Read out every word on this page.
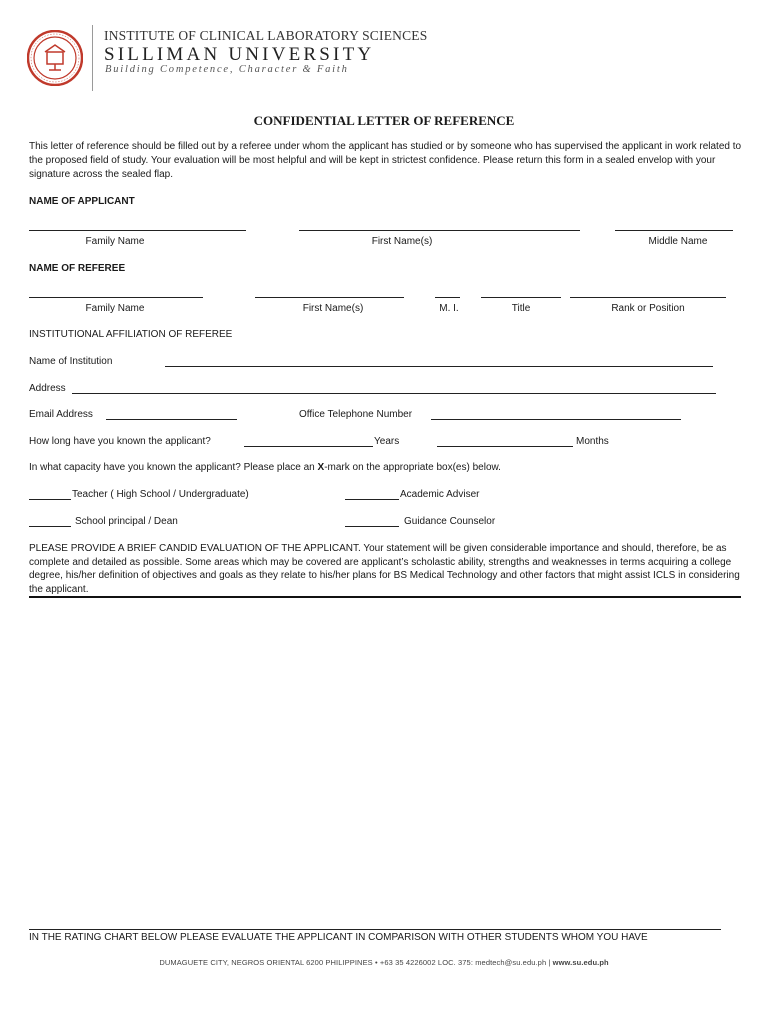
INSTITUTE OF CLINICAL LABORATORY SCIENCES
SILLIMAN UNIVERSITY
Building Competence, Character & Faith
CONFIDENTIAL LETTER OF REFERENCE
This letter of reference should be filled out by a referee under whom the applicant has studied or by someone who has supervised the applicant in work related to the proposed field of study. Your evaluation will be most helpful and will be kept in strictest confidence. Please return this form in a sealed envelop with your signature across the sealed flap.
NAME OF APPLICANT
Family Name	First Name(s)	Middle Name
NAME OF REFEREE
Family Name	First Name(s)	M. I.	Title	Rank or Position
INSTITUTIONAL AFFILIATION OF REFEREE
Name of Institution
Address
Email Address	Office Telephone Number
How long have you known the applicant?	Years	Months
In what capacity have you known the applicant? Please place an X-mark on the appropriate box(es) below.
Teacher ( High School / Undergraduate)	Academic Adviser
School principal / Dean	Guidance Counselor
PLEASE PROVIDE A BRIEF CANDID EVALUATION OF THE APPLICANT. Your statement will be given considerable importance and should, therefore, be as complete and detailed as possible. Some areas which may be covered are applicant’s scholastic ability, strengths and weaknesses in terms acquiring a college degree, his/her definition of objectives and goals as they relate to his/her plans for BS Medical Technology and other factors that might assist ICLS in considering the applicant.
IN THE RATING CHART BELOW PLEASE EVALUATE THE APPLICANT IN COMPARISON WITH OTHER STUDENTS WHOM YOU HAVE
DUMAGUETE CITY, NEGROS ORIENTAL 6200 PHILIPPINES • +63 35 4226002 LOC. 375: medtech@su.edu.ph | www.su.edu.ph
